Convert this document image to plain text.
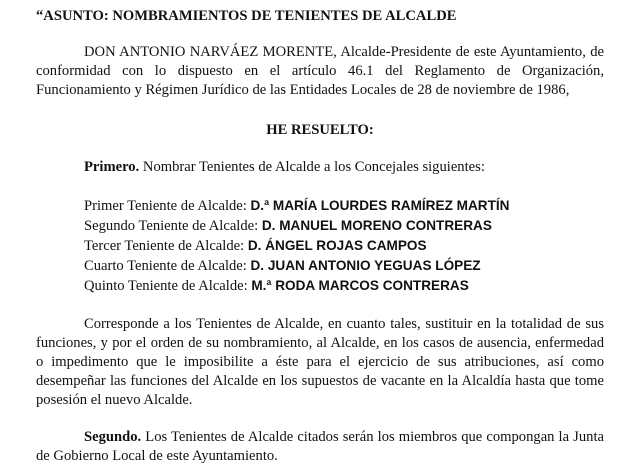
“ASUNTO: NOMBRAMIENTOS DE TENIENTES DE ALCALDE

DON ANTONIO NARVÁEZ MORENTE, Alcalde-Presidente de este Ayuntamiento, de conformidad con lo dispuesto en el artículo 46.1 del Reglamento de Organización, Funcionamiento y Régimen Jurídico de las Entidades Locales de 28 de noviembre de 1986,

HE RESUELTO:

Primero. Nombrar Tenientes de Alcalde a los Concejales siguientes:

Primer Teniente de Alcalde: D.ª MARÍA LOURDES RAMÍREZ MARTÍN
Segundo Teniente de Alcalde: D. MANUEL MORENO CONTRERAS
Tercer Teniente de Alcalde: D. ÁNGEL ROJAS CAMPOS
Cuarto Teniente de Alcalde: D. JUAN ANTONIO YEGUAS LÓPEZ
Quinto Teniente de Alcalde: M.ª RODA MARCOS CONTRERAS

Corresponde a los Tenientes de Alcalde, en cuanto tales, sustituir en la totalidad de sus funciones, y por el orden de su nombramiento, al Alcalde, en los casos de ausencia, enfermedad o impedimento que le imposibilite a éste para el ejercicio de sus atribuciones, así como desempeñar las funciones del Alcalde en los supuestos de vacante en la Alcaldía hasta que tome posesión el nuevo Alcalde.

Segundo. Los Tenientes de Alcalde citados serán los miembros que compongan la Junta de Gobierno Local de este Ayuntamiento.
